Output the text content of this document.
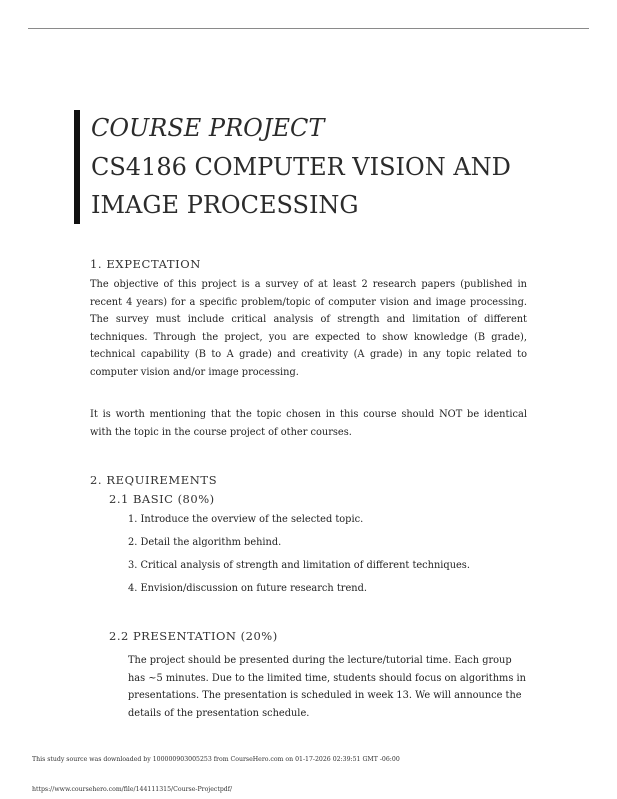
COURSE PROJECT
CS4186 COMPUTER VISION AND
IMAGE PROCESSING
1. EXPECTATION
The objective of this project is a survey of at least 2 research papers (published in recent 4 years) for a specific problem/topic of computer vision and image processing. The survey must include critical analysis of strength and limitation of different techniques. Through the project, you are expected to show knowledge (B grade), technical capability (B to A grade) and creativity (A grade) in any topic related to computer vision and/or image processing.
It is worth mentioning that the topic chosen in this course should NOT be identical with the topic in the course project of other courses.
2. REQUIREMENTS
2.1 BASIC (80%)
1. Introduce the overview of the selected topic.
2. Detail the algorithm behind.
3. Critical analysis of strength and limitation of different techniques.
4. Envision/discussion on future research trend.
2.2 PRESENTATION (20%)
The project should be presented during the lecture/tutorial time. Each group has ~5 minutes. Due to the limited time, students should focus on algorithms in presentations. The presentation is scheduled in week 13. We will announce the details of the presentation schedule.
This study source was downloaded by 100000903005253 from CourseHero.com on 01-17-2026 02:39:51 GMT -06:00
https://www.coursehero.com/file/144111315/Course-Projectpdf/
